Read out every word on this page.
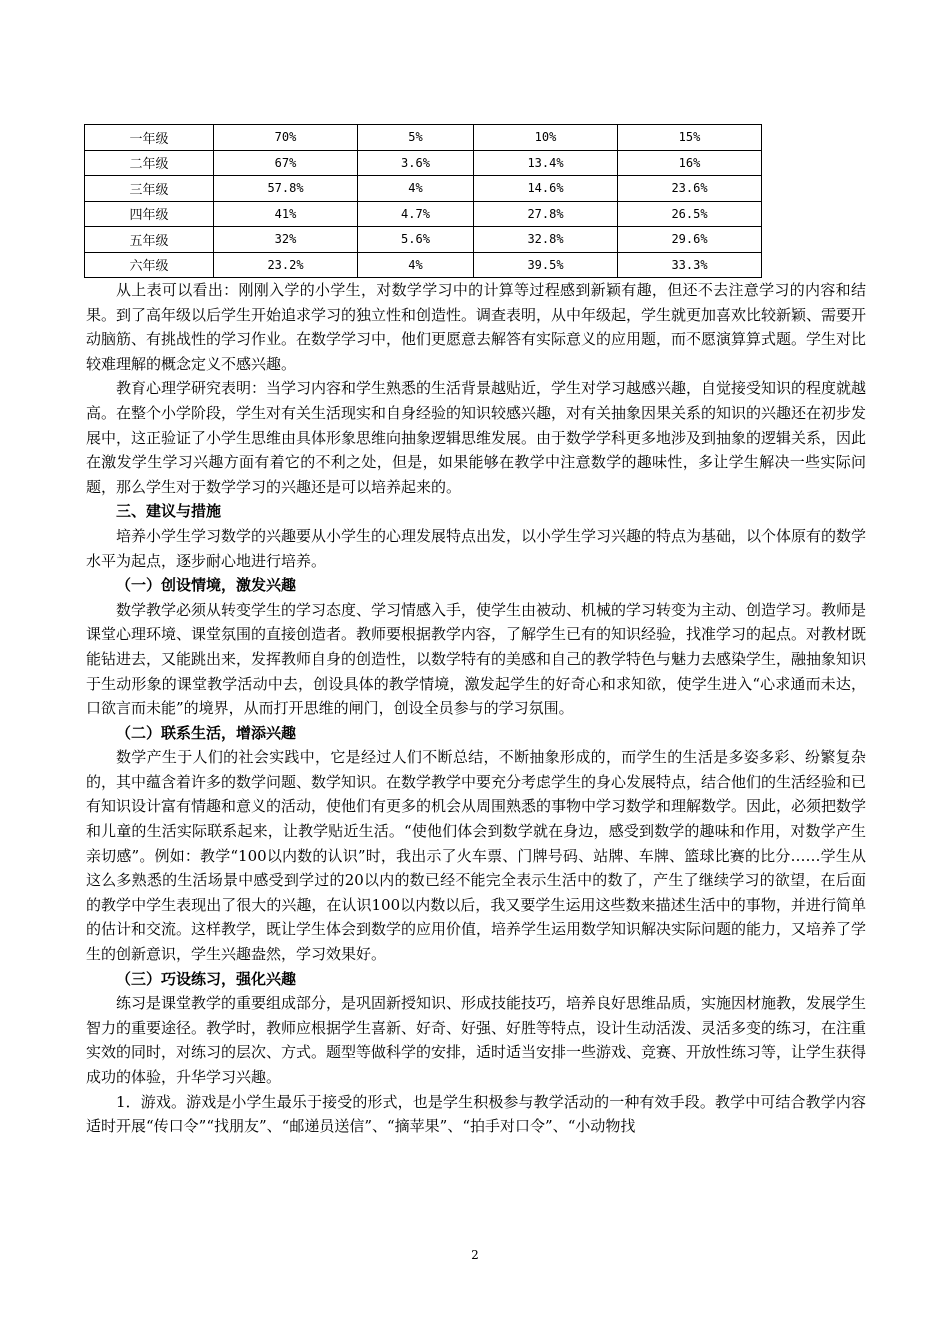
一年级	70%	5%	10%	15%
二年级	67%	3.6%	13.4%	16%
三年级	57.8%	4%	14.6%	23.6%
四年级	41%	4.7%	27.8%	26.5%
五年级	32%	5.6%	32.8%	29.6%
六年级	23.2%	4%	39.5%	33.3%

从上表可以看出：刚刚入学的小学生，对数学学习中的计算等过程感到新颖有趣，但还不去注意学习的内容和结果。到了高年级以后学生开始追求学习的独立性和创造性。调查表明，从中年级起，学生就更加喜欢比较新颖、需要开动脑筋、有挑战性的学习作业。在数学学习中，他们更愿意去解答有实际意义的应用题，而不愿演算算式题。学生对比较难理解的概念定义不感兴趣。

教育心理学研究表明：当学习内容和学生熟悉的生活背景越贴近，学生对学习越感兴趣，自觉接受知识的程度就越高。在整个小学阶段，学生对有关生活现实和自身经验的知识较感兴趣，对有关抽象因果关系的知识的兴趣还在初步发展中，这正验证了小学生思维由具体形象思维向抽象逻辑思维发展。由于数学学科更多地涉及到抽象的逻辑关系，因此在激发学生学习兴趣方面有着它的不利之处，但是，如果能够在教学中注意数学的趣味性，多让学生解决一些实际问题，那么学生对于数学学习的兴趣还是可以培养起来的。

三、建议与措施

培养小学生学习数学的兴趣要从小学生的心理发展特点出发，以小学生学习兴趣的特点为基础，以个体原有的数学水平为起点，逐步耐心地进行培养。

（一）创设情境，激发兴趣

数学教学必须从转变学生的学习态度、学习情感入手，使学生由被动、机械的学习转变为主动、创造学习。教师是课堂心理环境、课堂氛围的直接创造者。教师要根据教学内容，了解学生已有的知识经验，找准学习的起点。对教材既能钻进去，又能跳出来，发挥教师自身的创造性，以数学特有的美感和自己的教学特色与魅力去感染学生，融抽象知识于生动形象的课堂教学活动中去，创设具体的教学情境，激发起学生的好奇心和求知欲，使学生进入“心求通而未达，口欲言而未能”的境界，从而打开思维的闸门，创设全员参与的学习氛围。

（二）联系生活，增添兴趣

数学产生于人们的社会实践中，它是经过人们不断总结，不断抽象形成的，而学生的生活是多姿多彩、纷繁复杂的，其中蕴含着许多的数学问题、数学知识。在数学教学中要充分考虑学生的身心发展特点，结合他们的生活经验和已有知识设计富有情趣和意义的活动，使他们有更多的机会从周围熟悉的事物中学习数学和理解数学。因此，必须把数学和儿童的生活实际联系起来，让教学贴近生活。“使他们体会到数学就在身边，感受到数学的趣味和作用，对数学产生亲切感”。例如：教学“100以内数的认识”时，我出示了火车票、门牌号码、站牌、车牌、篮球比赛的比分……学生从这么多熟悉的生活场景中感受到学过的20以内的数已经不能完全表示生活中的数了，产生了继续学习的欲望，在后面的教学中学生表现出了很大的兴趣，在认识100以内数以后，我又要学生运用这些数来描述生活中的事物，并进行简单的估计和交流。这样教学，既让学生体会到数学的应用价值，培养学生运用数学知识解决实际问题的能力，又培养了学生的创新意识，学生兴趣盎然，学习效果好。

（三）巧设练习，强化兴趣

练习是课堂教学的重要组成部分，是巩固新授知识、形成技能技巧，培养良好思维品质，实施因材施教，发展学生智力的重要途径。教学时，教师应根据学生喜新、好奇、好强、好胜等特点，设计生动活泼、灵活多变的练习，在注重实效的同时，对练习的层次、方式。题型等做科学的安排，适时适当安排一些游戏、竞赛、开放性练习等，让学生获得成功的体验，升华学习兴趣。

1．游戏。游戏是小学生最乐于接受的形式，也是学生积极参与教学活动的一种有效手段。教学中可结合教学内容适时开展“传口令”“找朋友”、“邮递员送信”、“摘苹果”、“拍手对口令”、“小动物找

2
